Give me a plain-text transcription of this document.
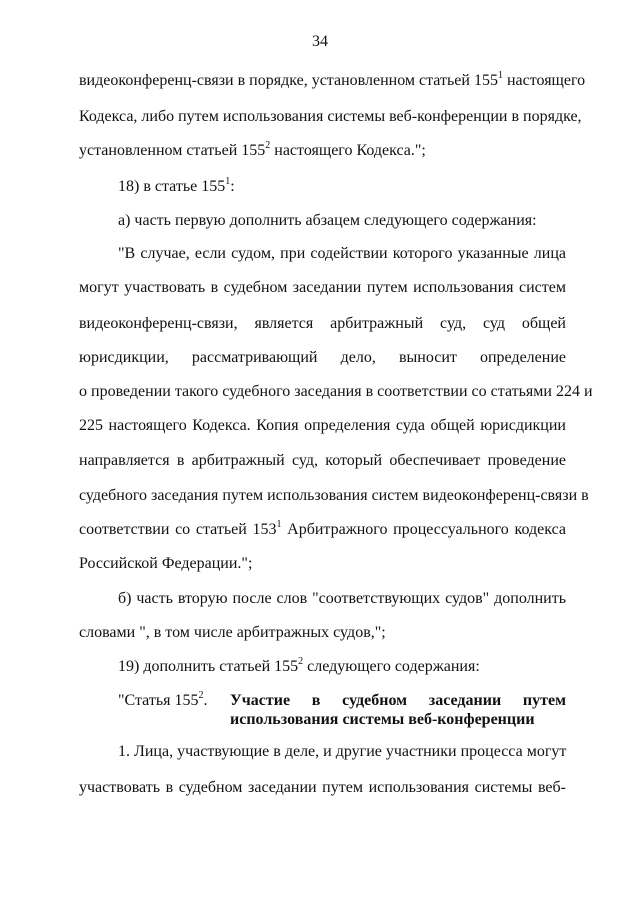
34
видеоконференц-связи в порядке, установленном статьей $155^1$ настоящего
Кодекса, либо путем использования системы веб-конференции в порядке,
установленном статьей $155^2$ настоящего Кодекса.";
18) в статье $155^1$:
а) часть первую дополнить абзацем следующего содержания:
"В случае, если судом, при содействии которого указанные лица
могут участвовать в судебном заседании путем использования систем
видеоконференц-связи, является арбитражный суд, суд общей
юрисдикции, рассматривающий дело, выносит определение
о проведении такого судебного заседания в соответствии со статьями 224 и
225 настоящего Кодекса. Копия определения суда общей юрисдикции
направляется в арбитражный суд, который обеспечивает проведение
судебного заседания путем использования систем видеоконференц-связи в
соответствии со статьей $153^1$ Арбитражного процессуального кодекса
Российской Федерации.";
б) часть вторую после слов "соответствующих судов" дополнить
словами ", в том числе арбитражных судов,";
19) дополнить статьей $155^2$ следующего содержания:
"Статья $155^2$. Участие в судебном заседании путем
использования системы веб-конференции
1. Лица, участвующие в деле, и другие участники процесса могут
участвовать в судебном заседании путем использования системы веб-
